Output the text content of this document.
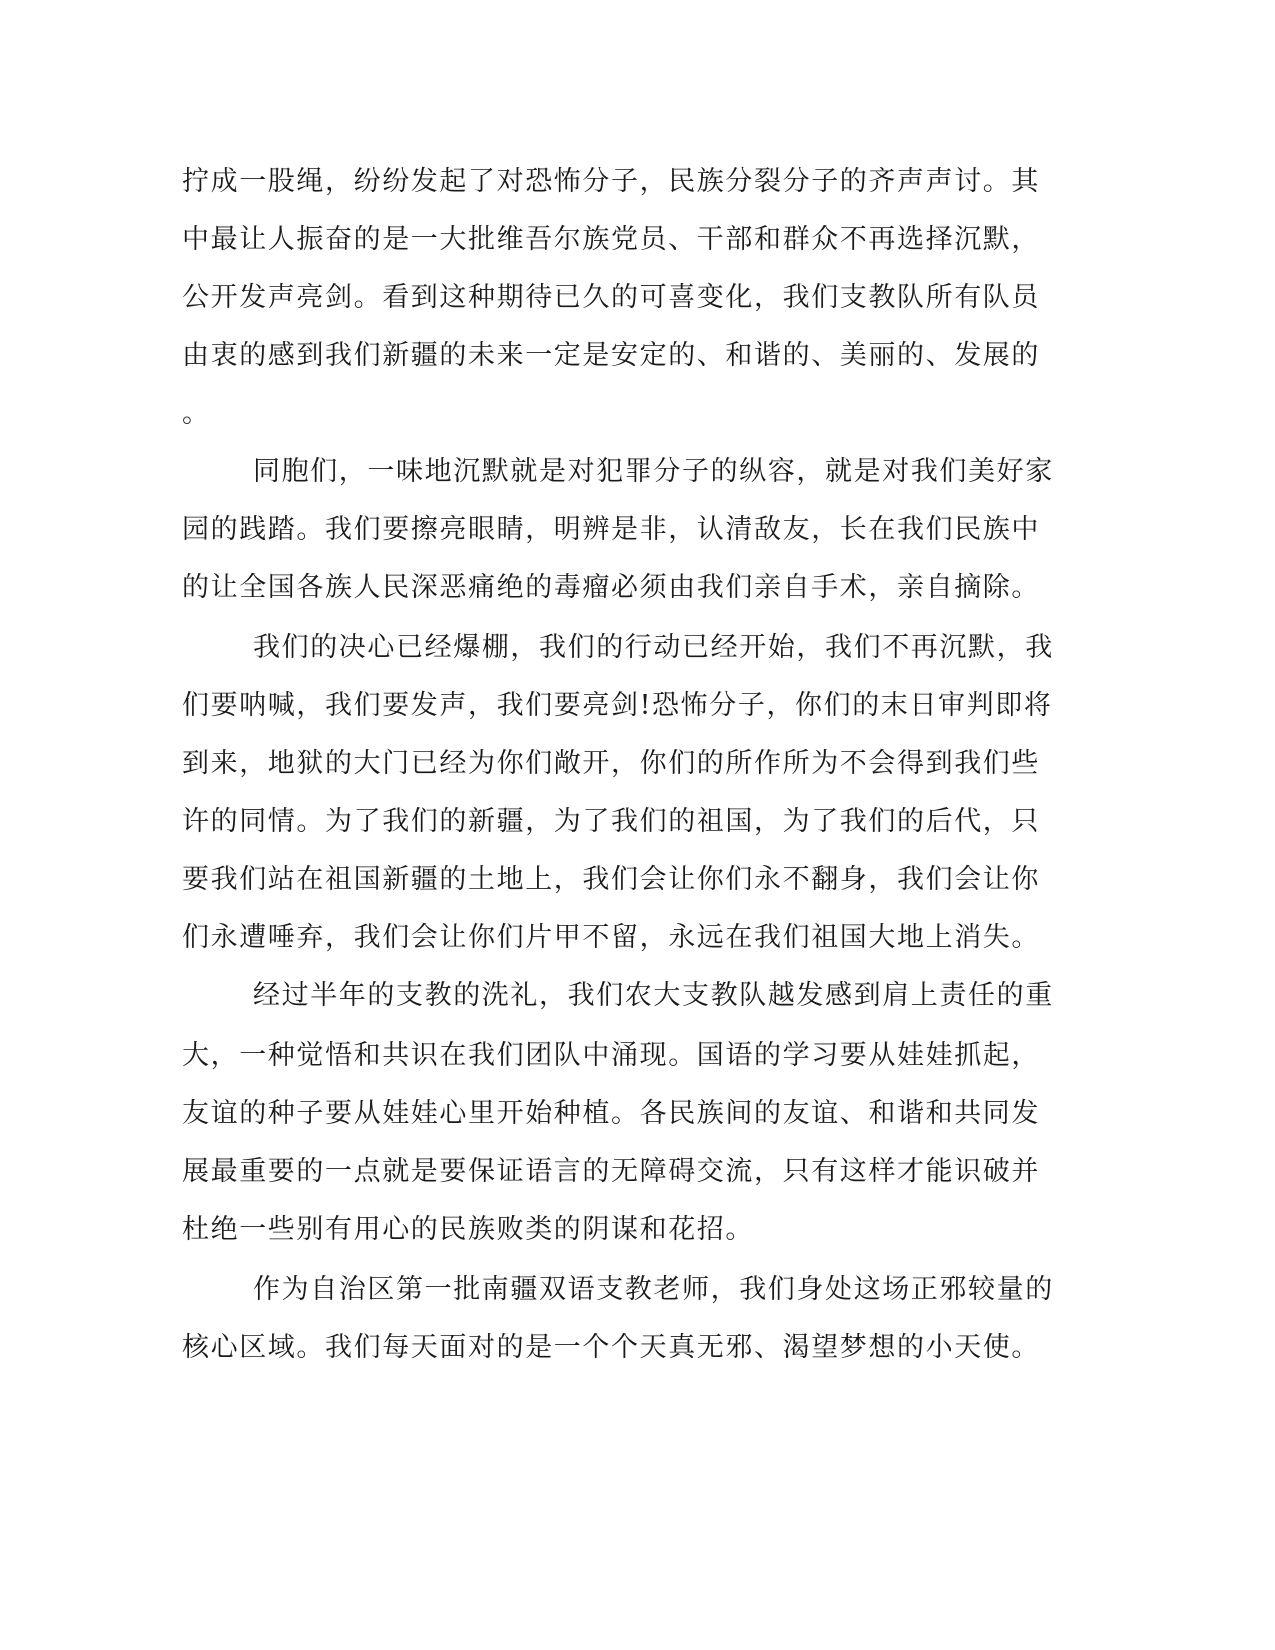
拧成一股绳，纷纷发起了对恐怖分子，民族分裂分子的齐声声讨。其
中最让人振奋的是一大批维吾尔族党员、干部和群众不再选择沉默，
公开发声亮剑。看到这种期待已久的可喜变化，我们支教队所有队员
由衷的感到我们新疆的未来一定是安定的、和谐的、美丽的、发展的
。
同胞们，一味地沉默就是对犯罪分子的纵容，就是对我们美好家
园的践踏。我们要擦亮眼睛，明辨是非，认清敌友，长在我们民族中
的让全国各族人民深恶痛绝的毒瘤必须由我们亲自手术，亲自摘除。
我们的决心已经爆棚，我们的行动已经开始，我们不再沉默，我
们要呐喊，我们要发声，我们要亮剑!恐怖分子，你们的末日审判即将
到来，地狱的大门已经为你们敞开，你们的所作所为不会得到我们些
许的同情。为了我们的新疆，为了我们的祖国，为了我们的后代，只
要我们站在祖国新疆的土地上，我们会让你们永不翻身，我们会让你
们永遭唾弃，我们会让你们片甲不留，永远在我们祖国大地上消失。
经过半年的支教的洗礼，我们农大支教队越发感到肩上责任的重
大，一种觉悟和共识在我们团队中涌现。国语的学习要从娃娃抓起，
友谊的种子要从娃娃心里开始种植。各民族间的友谊、和谐和共同发
展最重要的一点就是要保证语言的无障碍交流，只有这样才能识破并
杜绝一些别有用心的民族败类的阴谋和花招。
作为自治区第一批南疆双语支教老师，我们身处这场正邪较量的
核心区域。我们每天面对的是一个个天真无邪、渴望梦想的小天使。
